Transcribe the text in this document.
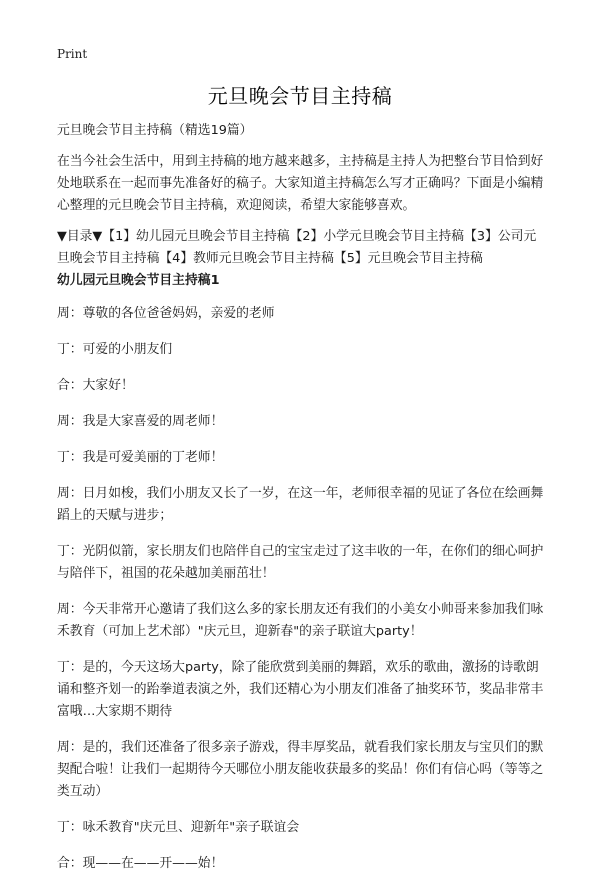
Print
元旦晚会节目主持稿

元旦晚会节目主持稿（精选19篇）

在当今社会生活中，用到主持稿的地方越来越多，主持稿是主持人为把整台节目恰到好处地联系在一起而事先准备好的稿子。大家知道主持稿怎么写才正确吗？下面是小编精心整理的元旦晚会节目主持稿，欢迎阅读，希望大家能够喜欢。

▼目录▼【1】幼儿园元旦晚会节目主持稿【2】小学元旦晚会节目主持稿【3】公司元旦晚会节目主持稿【4】教师元旦晚会节目主持稿【5】元旦晚会节目主持稿

幼儿园元旦晚会节目主持稿1

周：尊敬的各位爸爸妈妈，亲爱的老师

丁：可爱的小朋友们

合：大家好！

周：我是大家喜爱的周老师！

丁：我是可爱美丽的丁老师！

周：日月如梭，我们小朋友又长了一岁，在这一年，老师很幸福的见证了各位在绘画舞蹈上的天赋与进步；

丁：光阴似箭，家长朋友们也陪伴自己的宝宝走过了这丰收的一年，在你们的细心呵护与陪伴下，祖国的花朵越加美丽茁壮！

周：今天非常开心邀请了我们这么多的家长朋友还有我们的小美女小帅哥来参加我们咏禾教育（可加上艺术部）"庆元旦，迎新春"的亲子联谊大party！

丁：是的，今天这场大party，除了能欣赏到美丽的舞蹈，欢乐的歌曲，激扬的诗歌朗诵和整齐划一的跆拳道表演之外，我们还精心为小朋友们准备了抽奖环节，奖品非常丰富哦…大家期不期待

周：是的，我们还准备了很多亲子游戏，得丰厚奖品，就看我们家长朋友与宝贝们的默契配合啦！让我们一起期待今天哪位小朋友能收获最多的奖品！你们有信心吗（等等之类互动）

丁：咏禾教育"庆元旦、迎新年"亲子联谊会

合：现——在——开——始！
